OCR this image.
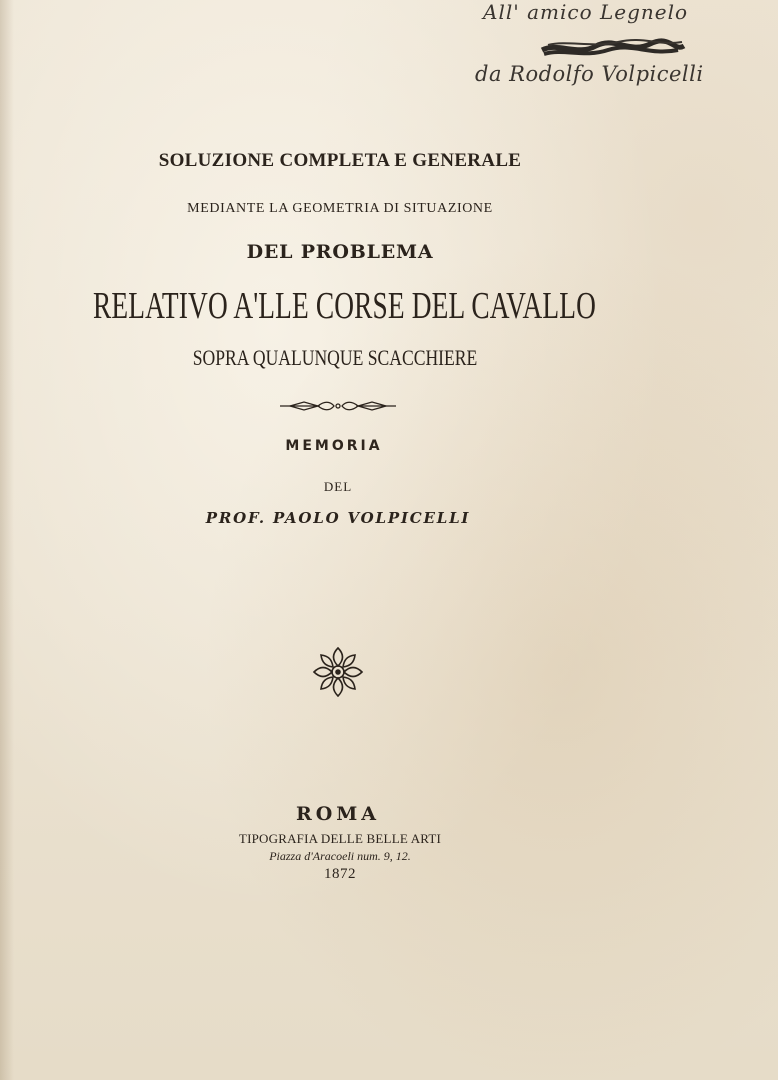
All' amico Legnelo
da Rodolfo Volpicelli
SOLUZIONE COMPLETA E GENERALE
MEDIANTE LA GEOMETRIA DI SITUAZIONE
DEL PROBLEMA
RELATIVO A'LLE CORSE DEL CAVALLO
SOPRA QUALUNQUE SCACCHIERE
MEMORIA
DEL
PROF. PAOLO VOLPICELLI
ROMA
TIPOGRAFIA DELLE BELLE ARTI
Piazza d'Aracoeli num. 9, 12.
1872
